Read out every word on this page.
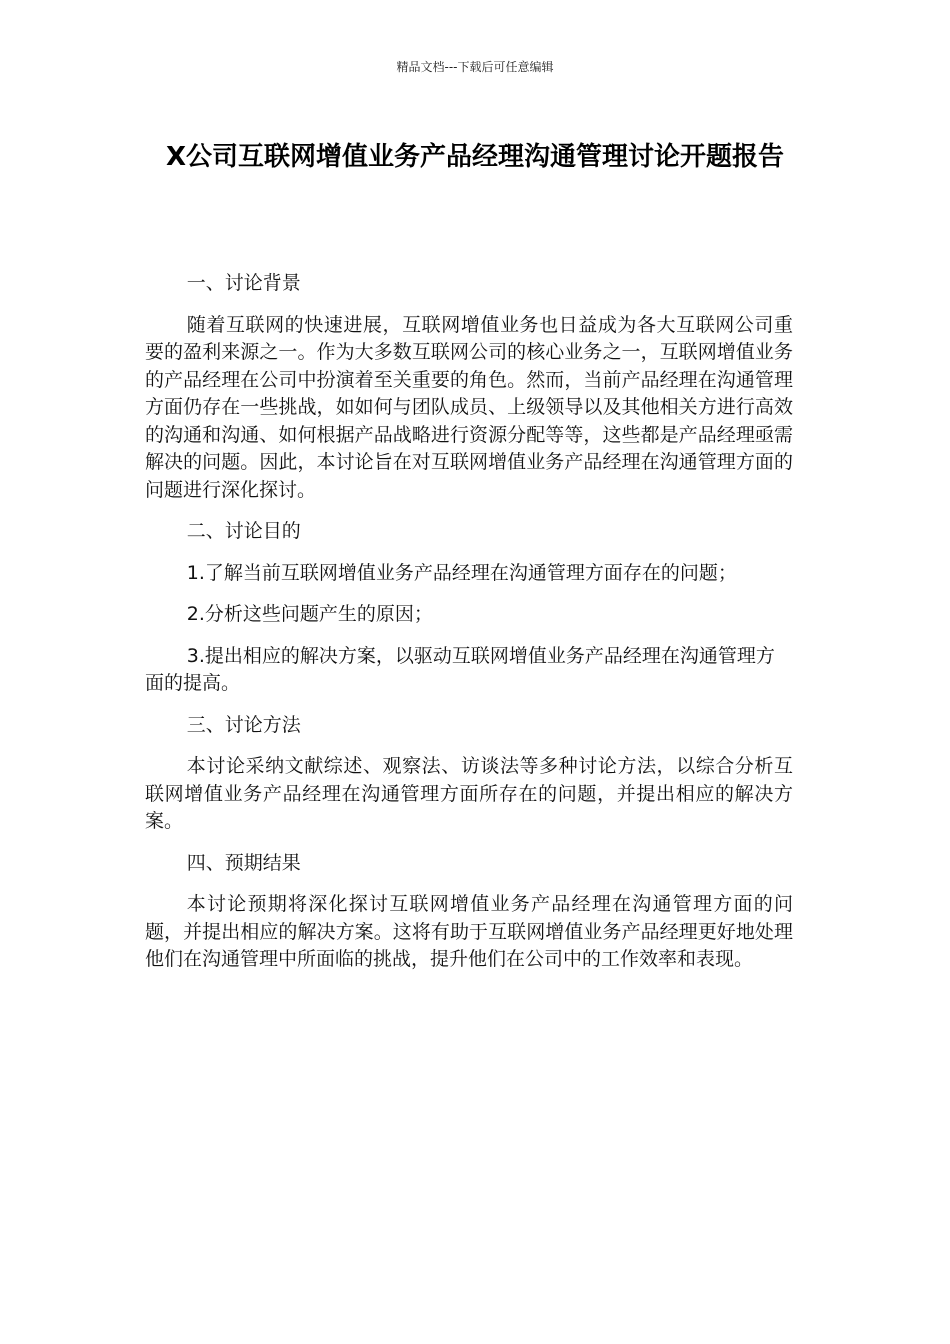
精品文档---下载后可任意编辑
X公司互联网增值业务产品经理沟通管理讨论开题报告

一、讨论背景

随着互联网的快速进展，互联网增值业务也日益成为各大互联网公司重要的盈利来源之一。作为大多数互联网公司的核心业务之一，互联网增值业务的产品经理在公司中扮演着至关重要的角色。然而，当前产品经理在沟通管理方面仍存在一些挑战，如如何与团队成员、上级领导以及其他相关方进行高效的沟通和沟通、如何根据产品战略进行资源分配等等，这些都是产品经理亟需解决的问题。因此，本讨论旨在对互联网增值业务产品经理在沟通管理方面的问题进行深化探讨。

二、讨论目的

1.了解当前互联网增值业务产品经理在沟通管理方面存在的问题；

2.分析这些问题产生的原因；

3.提出相应的解决方案，以驱动互联网增值业务产品经理在沟通管理方面的提高。

三、讨论方法

本讨论采纳文献综述、观察法、访谈法等多种讨论方法，以综合分析互联网增值业务产品经理在沟通管理方面所存在的问题，并提出相应的解决方案。

四、预期结果

本讨论预期将深化探讨互联网增值业务产品经理在沟通管理方面的问题，并提出相应的解决方案。这将有助于互联网增值业务产品经理更好地处理他们在沟通管理中所面临的挑战，提升他们在公司中的工作效率和表现。
